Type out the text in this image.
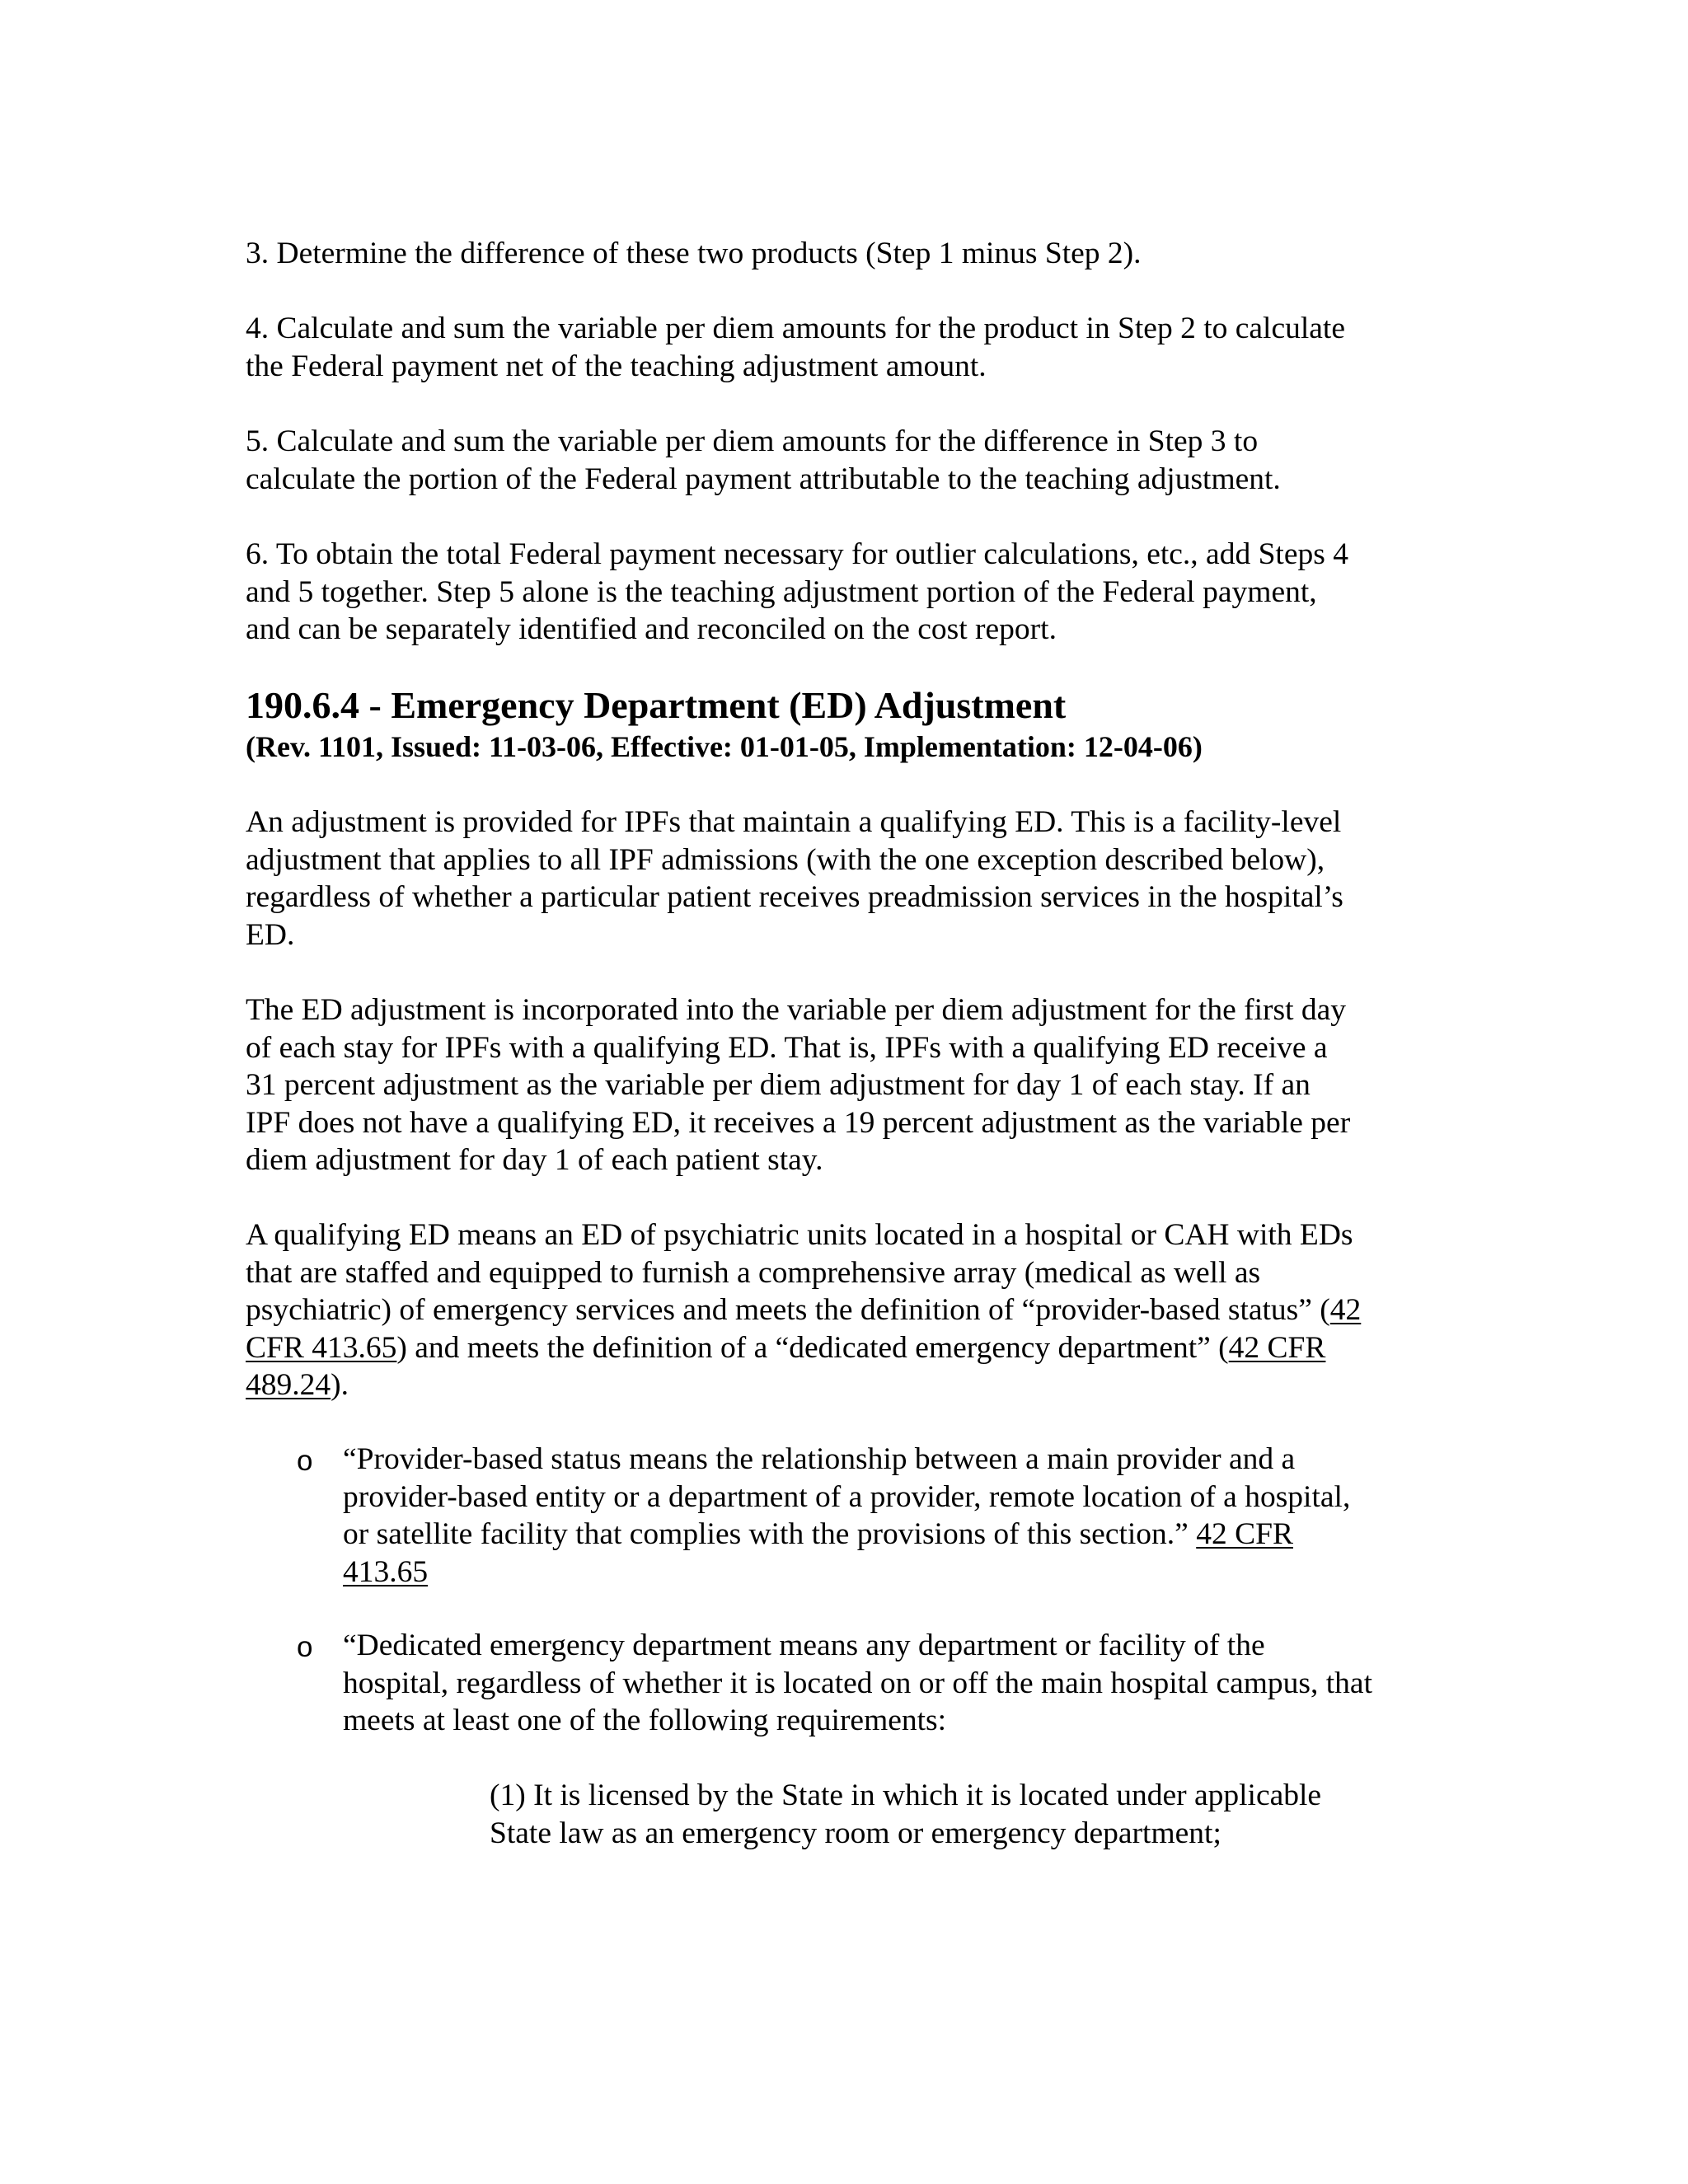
3. Determine the difference of these two products (Step 1 minus Step 2).
4. Calculate and sum the variable per diem amounts for the product in Step 2 to calculate
the Federal payment net of the teaching adjustment amount.
5. Calculate and sum the variable per diem amounts for the difference in Step 3 to
calculate the portion of the Federal payment attributable to the teaching adjustment.
6. To obtain the total Federal payment necessary for outlier calculations, etc., add Steps 4
and 5 together. Step 5 alone is the teaching adjustment portion of the Federal payment,
and can be separately identified and reconciled on the cost report.
190.6.4 - Emergency Department (ED) Adjustment
(Rev. 1101, Issued: 11-03-06, Effective: 01-01-05, Implementation: 12-04-06)
An adjustment is provided for IPFs that maintain a qualifying ED. This is a facility-level
adjustment that applies to all IPF admissions (with the one exception described below),
regardless of whether a particular patient receives preadmission services in the hospital’s
ED.
The ED adjustment is incorporated into the variable per diem adjustment for the first day
of each stay for IPFs with a qualifying ED. That is, IPFs with a qualifying ED receive a
31 percent adjustment as the variable per diem adjustment for day 1 of each stay. If an
IPF does not have a qualifying ED, it receives a 19 percent adjustment as the variable per
diem adjustment for day 1 of each patient stay.
A qualifying ED means an ED of psychiatric units located in a hospital or CAH with EDs
that are staffed and equipped to furnish a comprehensive array (medical as well as
psychiatric) of emergency services and meets the definition of “provider-based status” (42
CFR 413.65) and meets the definition of a “dedicated emergency department” (42 CFR
489.24).
o “Provider-based status means the relationship between a main provider and a
provider-based entity or a department of a provider, remote location of a hospital,
or satellite facility that complies with the provisions of this section.” 42 CFR
413.65
o “Dedicated emergency department means any department or facility of the
hospital, regardless of whether it is located on or off the main hospital campus, that
meets at least one of the following requirements:
(1) It is licensed by the State in which it is located under applicable
State law as an emergency room or emergency department;
